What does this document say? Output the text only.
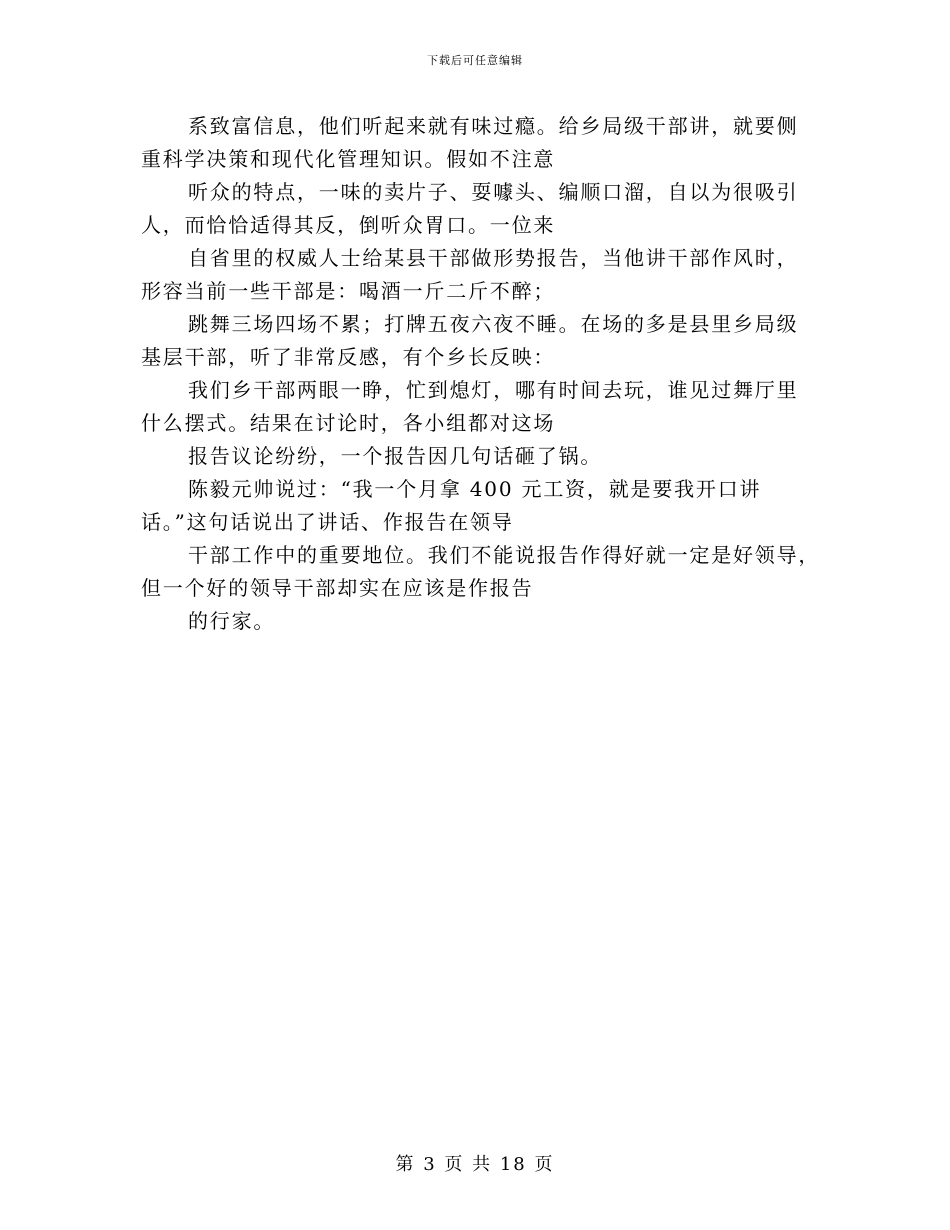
下载后可任意编辑

系致富信息，他们听起来就有味过瘾。给乡局级干部讲，就要侧
重科学决策和现代化管理知识。假如不注意

听众的特点，一味的卖片子、耍噱头、编顺口溜，自以为很吸引
人，而恰恰适得其反，倒听众胃口。一位来

自省里的权威人士给某县干部做形势报告，当他讲干部作风时，
形容当前一些干部是：喝酒一斤二斤不醉；

跳舞三场四场不累；打牌五夜六夜不睡。在场的多是县里乡局级
基层干部，听了非常反感，有个乡长反映：

我们乡干部两眼一睁，忙到熄灯，哪有时间去玩，谁见过舞厅里
什么摆式。结果在讨论时，各小组都对这场

报告议论纷纷，一个报告因几句话砸了锅。

陈毅元帅说过：“我一个月拿 400 元工资，就是要我开口讲
话。”这句话说出了讲话、作报告在领导

干部工作中的重要地位。我们不能说报告作得好就一定是好领导，
但一个好的领导干部却实在应该是作报告

的行家。

第 3 页 共 18 页
